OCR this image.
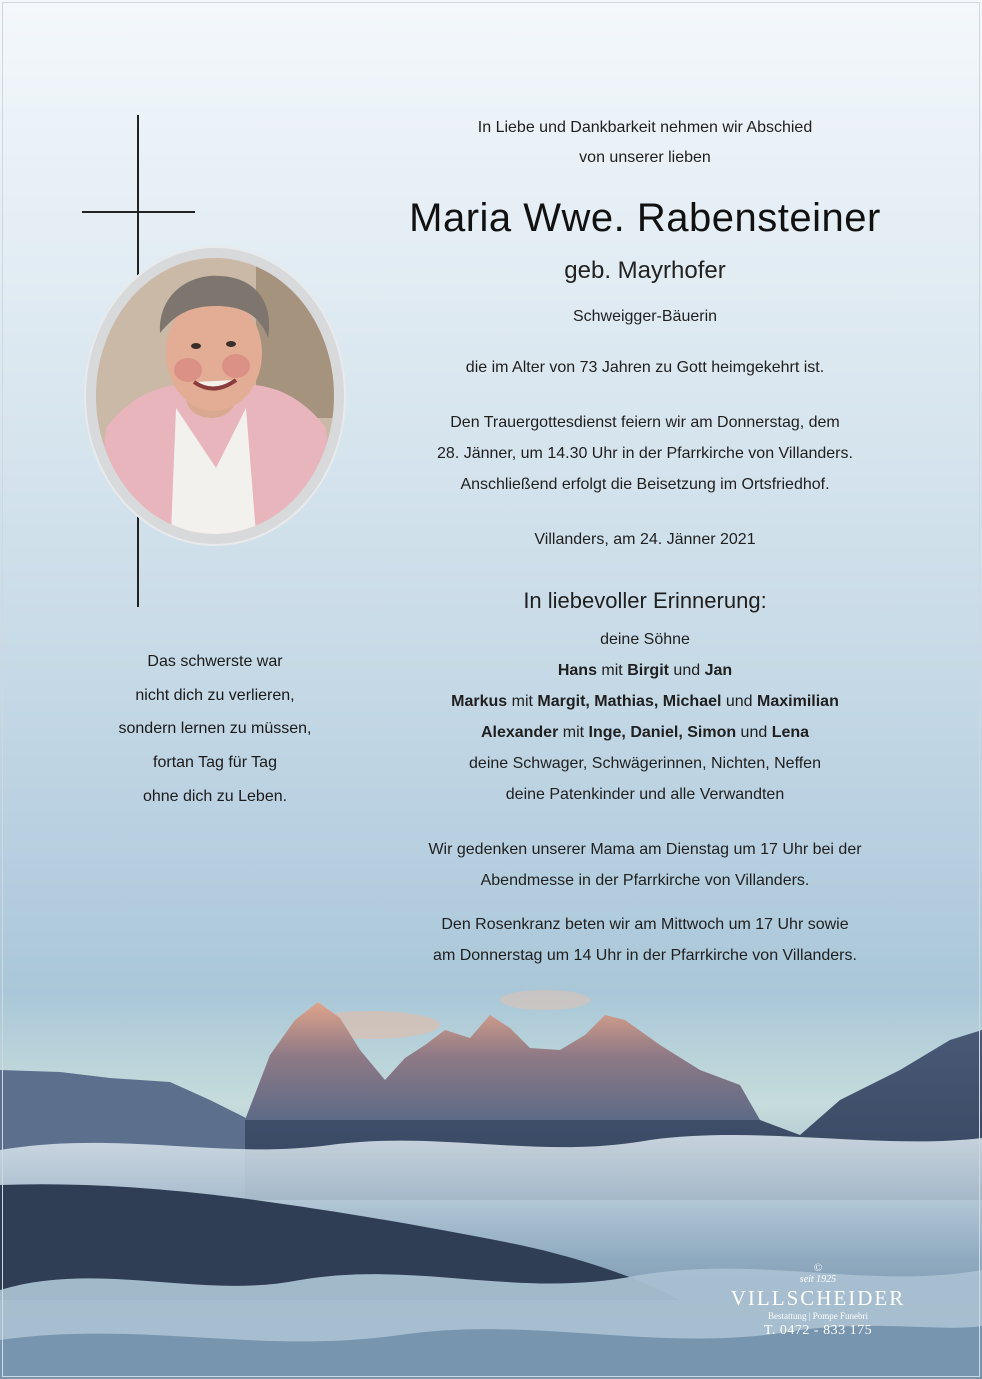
Das schwerste war
nicht dich zu verlieren,
sondern lernen zu müssen,
fortan Tag für Tag
ohne dich zu Leben.
In Liebe und Dankbarkeit nehmen wir Abschied
von unserer lieben
Maria Wwe. Rabensteiner
geb. Mayrhofer
Schweigger-Bäuerin
die im Alter von 73 Jahren zu Gott heimgekehrt ist.
Den Trauergottesdienst feiern wir am Donnerstag, dem
28. Jänner, um 14.30 Uhr in der Pfarrkirche von Villanders.
Anschließend erfolgt die Beisetzung im Ortsfriedhof.
Villanders, am 24. Jänner 2021
In liebevoller Erinnerung:
deine Söhne
Hans mit Birgit und Jan
Markus mit Margit, Mathias, Michael und Maximilian
Alexander mit Inge, Daniel, Simon und Lena
deine Schwager, Schwägerinnen, Nichten, Neffen
deine Patenkinder und alle Verwandten
Wir gedenken unserer Mama am Dienstag um 17 Uhr bei der
Abendmesse in der Pfarrkirche von Villanders.
Den Rosenkranz beten wir am Mittwoch um 17 Uhr sowie
am Donnerstag um 14 Uhr in der Pfarrkirche von Villanders.
©
seit 1925
VILLSCHEIDER
Bestattung | Pompe Funebri
T. 0472 - 833 175
